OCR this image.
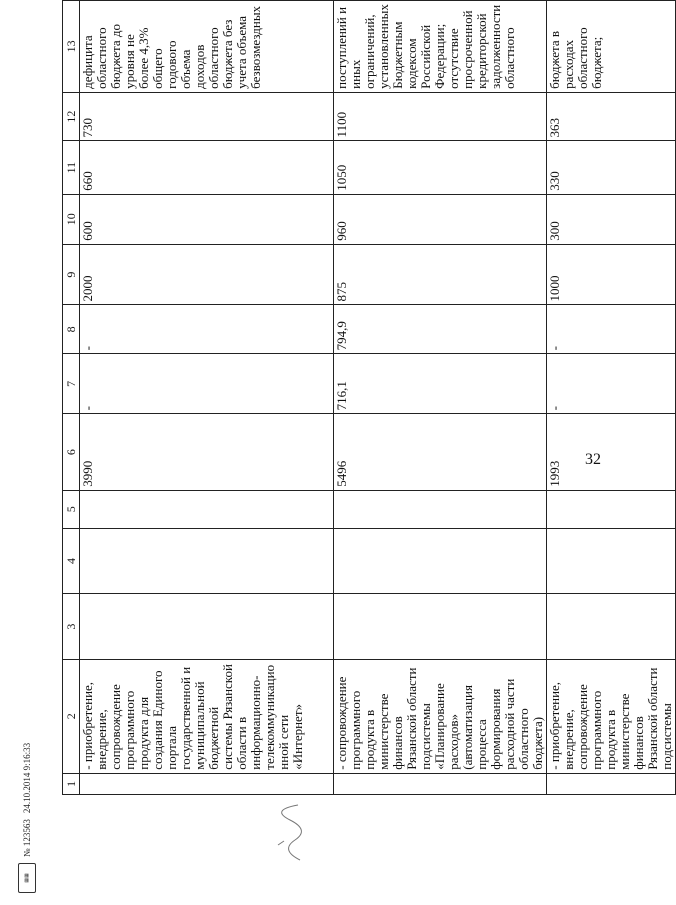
▦▦
№ 123563
24.10.2014 9:16:33	1	2	3	4	5	6	7	8	9	10	11	12	13
	- приобретение, внедрение, сопровождение программного продукта для создания Единого портала государственной и муниципальной бюджетной системы Рязанской области в информационно-телекоммуникационной сети «Интернет»				3990	-	-	2000	600	660	730	дефицита областного бюджета до уровня не более 4,3% общего годового объема доходов областного бюджета без учета объема безвозмездных
	- сопровождение программного продукта в министерстве финансов Рязанской области подсистемы «Планирование расходов» (автоматизация процесса формирования расходной части областного бюджета)				5496	716,1	794,9	875	960	1050	1100	поступлений и иных ограничений, установленных Бюджетным кодексом Российской Федерации; отсутствие просроченной кредиторской задолженности областного
	- приобретение, внедрение, сопровождение программного продукта в министерстве финансов Рязанской области подсистемы				1993	-	-	1000	300	330	363	бюджета в расходах областного бюджета;
32
